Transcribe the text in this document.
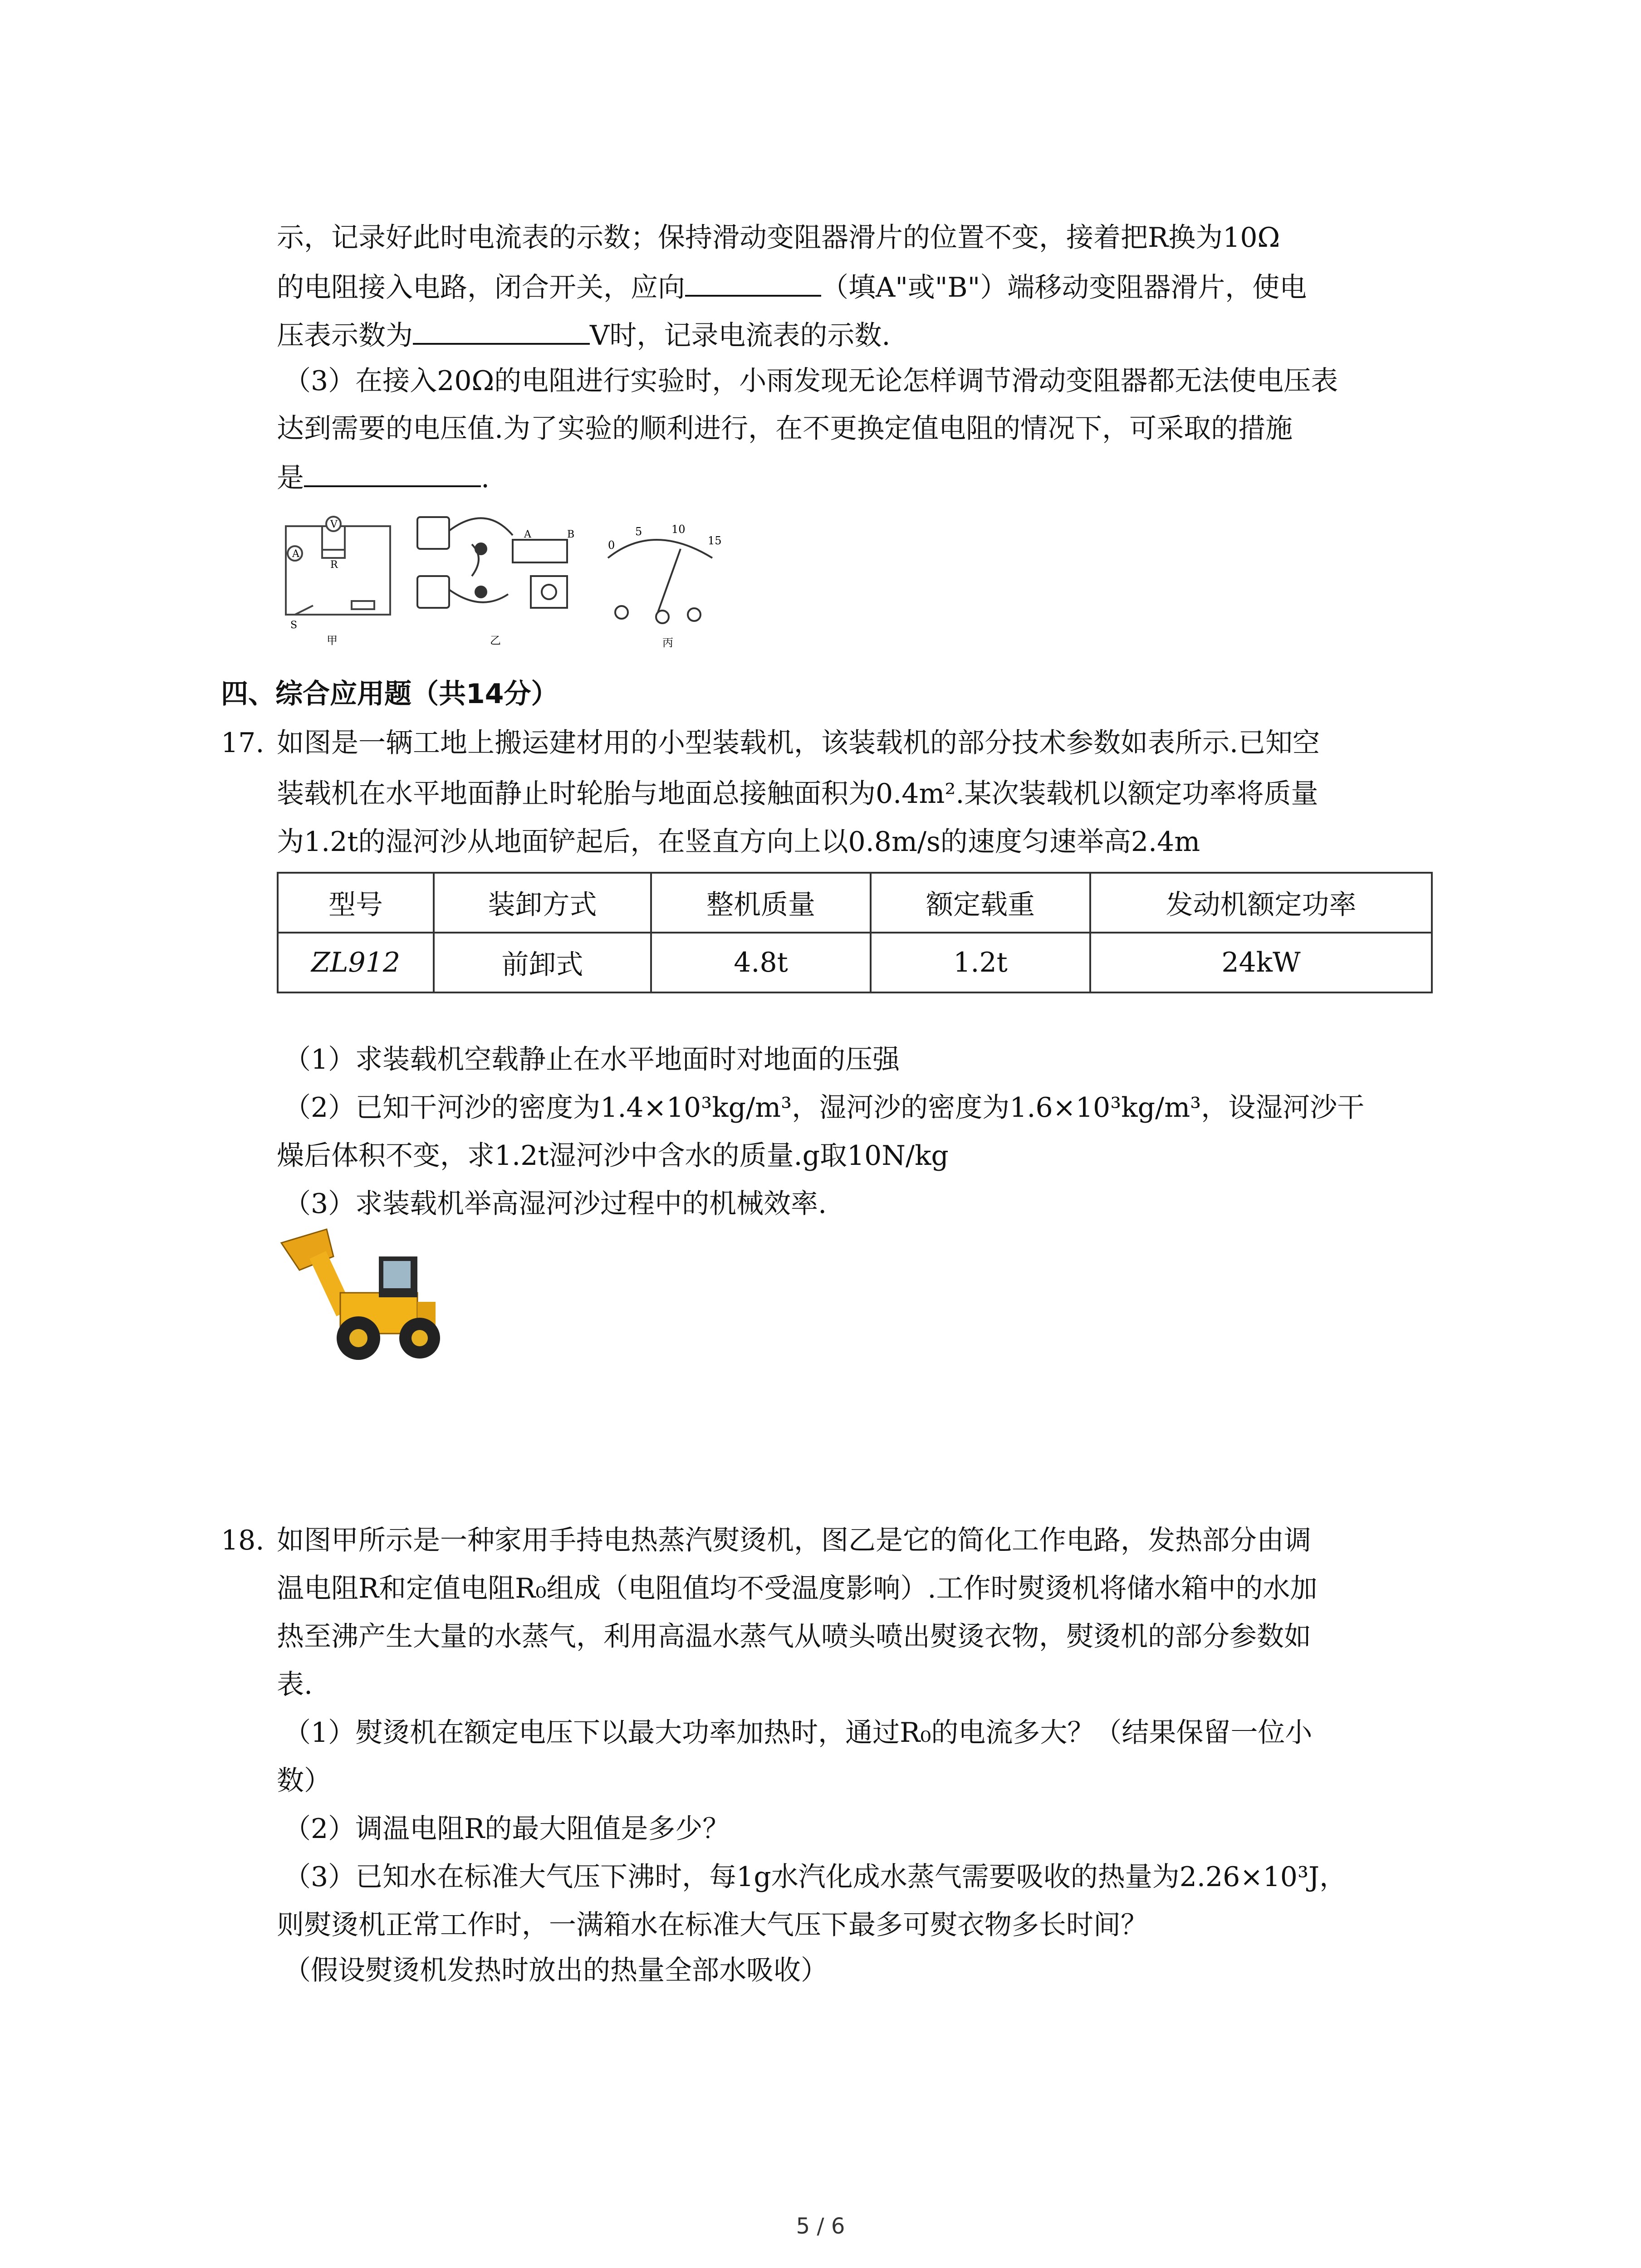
示，记录好此时电流表的示数；保持滑动变阻器滑片的位置不变，接着把R换为10Ω
的电阻接入电路，闭合开关，应向	（填A"或"B"）端移动变阻器滑片，使电
压表示数为	V时，记录电流表的示数.
（3）在接入20Ω的电阻进行实验时，小雨发现无论怎样调节滑动变阻器都无法使电压表
达到需要的电压值.为了实验的顺利进行，在不更换定值电阻的情况下，可采取的措施
是	.
A
V
R
S
甲
A	B
乙
0
5	10
15
丙
四、综合应用题（共14分）
17. 如图是一辆工地上搬运建材用的小型装载机，该装载机的部分技术参数如表所示.已知空
装载机在水平地面静止时轮胎与地面总接触面积为0.4m².某次装载机以额定功率将质量
为1.2t的湿河沙从地面铲起后，在竖直方向上以0.8m/s的速度匀速举高2.4m
型号	装卸方式	整机质量	额定载重	发动机额定功率
ZL912	前卸式	4.8t	1.2t	24kW
（1）求装载机空载静止在水平地面时对地面的压强
（2）已知干河沙的密度为1.4×10³kg/m³，湿河沙的密度为1.6×10³kg/m³，设湿河沙干
燥后体积不变，求1.2t湿河沙中含水的质量.g取10N/kg
（3）求装载机举高湿河沙过程中的机械效率.
18. 如图甲所示是一种家用手持电热蒸汽熨烫机，图乙是它的简化工作电路，发热部分由调
温电阻R和定值电阻R₀组成（电阻值均不受温度影响）.工作时熨烫机将储水箱中的水加
热至沸产生大量的水蒸气，利用高温水蒸气从喷头喷出熨烫衣物，熨烫机的部分参数如
表.
（1）熨烫机在额定电压下以最大功率加热时，通过R₀的电流多大？（结果保留一位小
数）
（2）调温电阻R的最大阻值是多少？
（3）已知水在标准大气压下沸时，每1g水汽化成水蒸气需要吸收的热量为2.26×10³J，
则熨烫机正常工作时，一满箱水在标准大气压下最多可熨衣物多长时间？
（假设熨烫机发热时放出的热量全部水吸收）
5 / 6
